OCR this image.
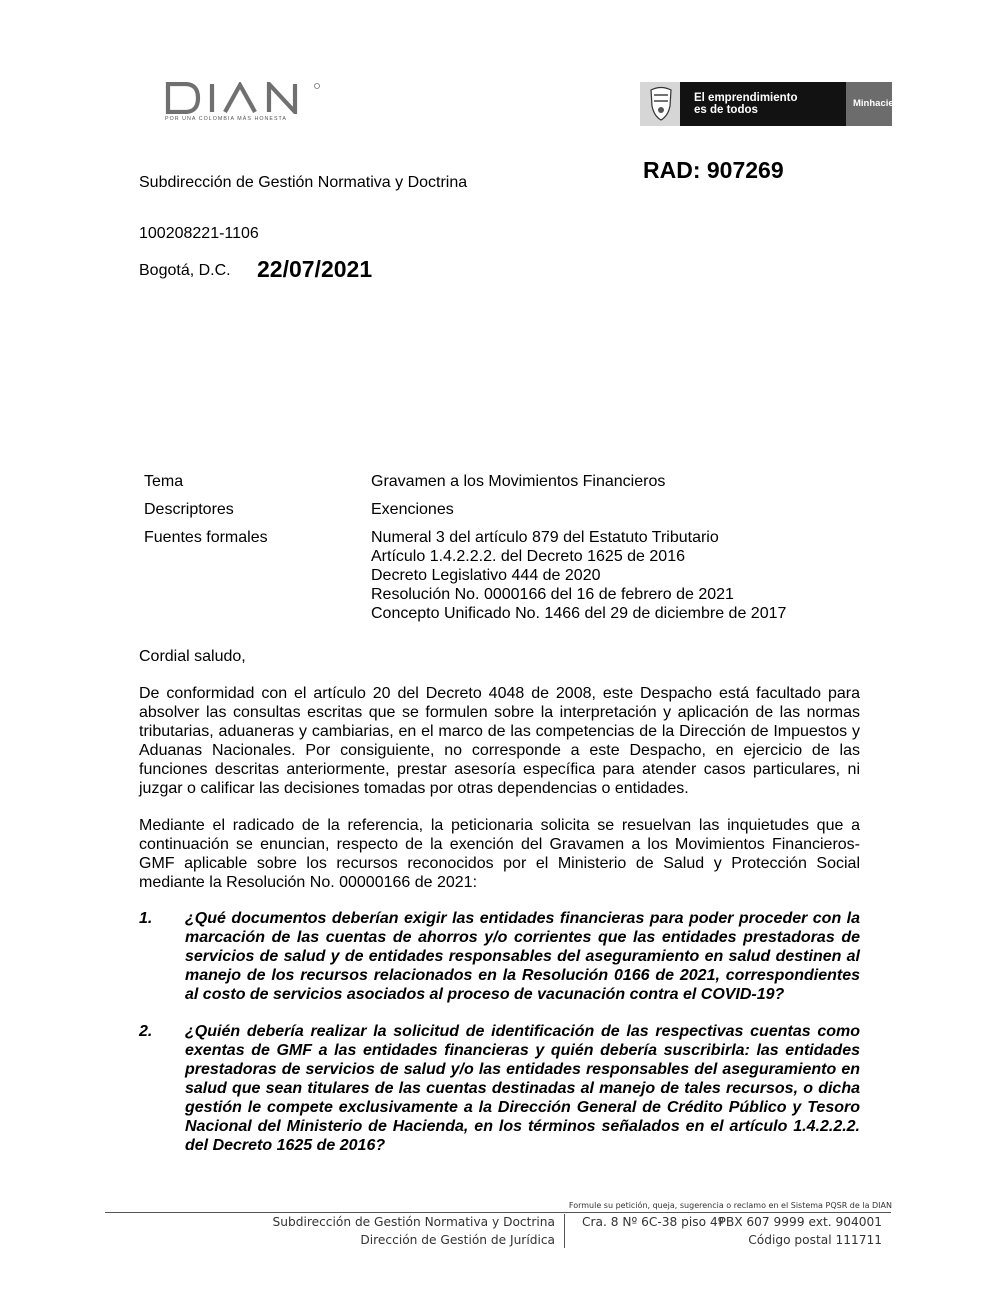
POR UNA COLOMBIA MÁS HONESTA
El emprendimiento
es de todos
Minhacienda
Subdirección de Gestión Normativa y Doctrina	RAD: 907269
100208221-1106
Bogotá, D.C. 22/07/2021
Tema	Gravamen a los Movimientos Financieros
Descriptores	Exenciones
Fuentes formales	Numeral 3 del artículo 879 del Estatuto Tributario
Artículo 1.4.2.2.2. del Decreto 1625 de 2016
Decreto Legislativo 444 de 2020
Resolución No. 0000166 del 16 de febrero de 2021
Concepto Unificado No. 1466 del 29 de diciembre de 2017
Cordial saludo,
De conformidad con el artículo 20 del Decreto 4048 de 2008, este Despacho está facultado para absolver las consultas escritas que se formulen sobre la interpretación y aplicación de las normas tributarias, aduaneras y cambiarias, en el marco de las competencias de la Dirección de Impuestos y Aduanas Nacionales. Por consiguiente, no corresponde a este Despacho, en ejercicio de las funciones descritas anteriormente, prestar asesoría específica para atender casos particulares, ni juzgar o calificar las decisiones tomadas por otras dependencias o entidades.
Mediante el radicado de la referencia, la peticionaria solicita se resuelvan las inquietudes que a continuación se enuncian, respecto de la exención del Gravamen a los Movimientos Financieros-GMF aplicable sobre los recursos reconocidos por el Ministerio de Salud y Protección Social mediante la Resolución No. 00000166 de 2021:
1. ¿Qué documentos deberían exigir las entidades financieras para poder proceder con la marcación de las cuentas de ahorros y/o corrientes que las entidades prestadoras de servicios de salud y de entidades responsables del aseguramiento en salud destinen al manejo de los recursos relacionados en la Resolución 0166 de 2021, correspondientes al costo de servicios asociados al proceso de vacunación contra el COVID-19?
2. ¿Quién debería realizar la solicitud de identificación de las respectivas cuentas como exentas de GMF a las entidades financieras y quién debería suscribirla: las entidades prestadoras de servicios de salud y/o las entidades responsables del aseguramiento en salud que sean titulares de las cuentas destinadas al manejo de tales recursos, o dicha gestión le compete exclusivamente a la Dirección General de Crédito Público y Tesoro Nacional del Ministerio de Hacienda, en los términos señalados en el artículo 1.4.2.2.2. del Decreto 1625 de 2016?
Formule su petición, queja, sugerencia o reclamo en el Sistema PQSR de la DIAN
Subdirección de Gestión Normativa y Doctrina
Dirección de Gestión de Jurídica
Cra. 8 Nº 6C-38 piso 4º
PBX 607 9999 ext. 904001
Código postal 111711
